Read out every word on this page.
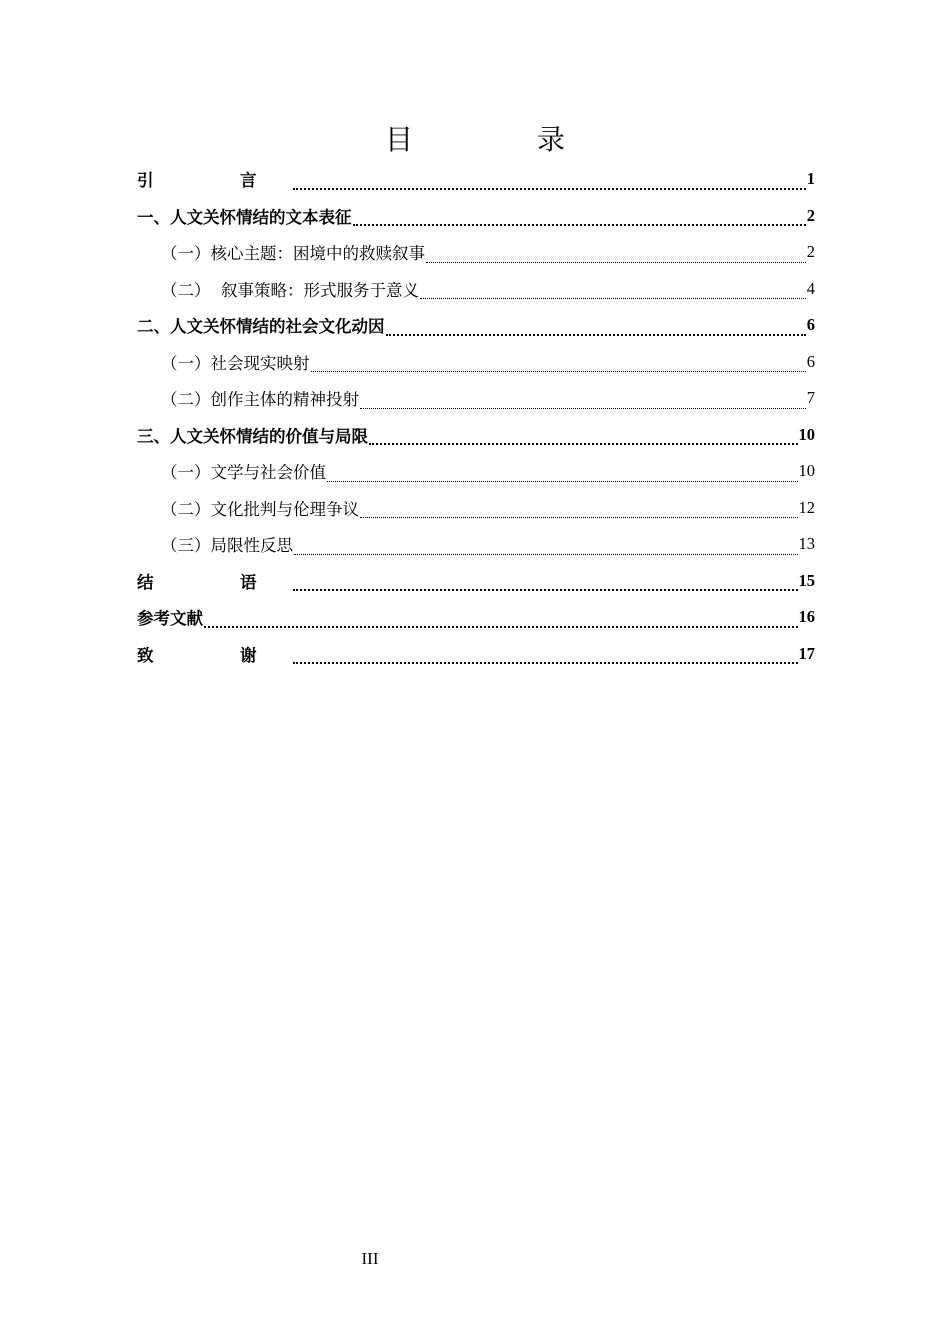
目　录
引　言	1
一、人文关怀情结的文本表征	2
（一）核心主题：困境中的救赎叙事	2
（二）  叙事策略：形式服务于意义	4
二、人文关怀情结的社会文化动因	6
（一）社会现实映射	6
（二）创作主体的精神投射	7
三、人文关怀情结的价值与局限	10
（一）文学与社会价值	10
（二）文化批判与伦理争议	12
（三）局限性反思	13
结　语	15
参考文献	16
致　谢	17
III
